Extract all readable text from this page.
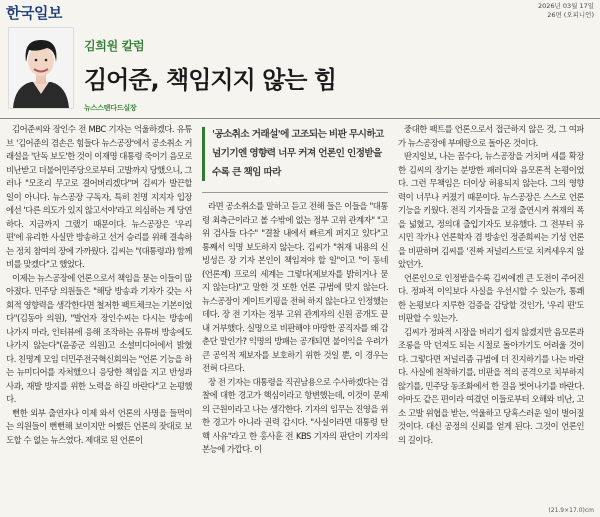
한국일보	2026년 03월 17일
26면 (오피니언)
김희원 칼럼
김어준, 책임지지 않는 힘
뉴스스탠다드실장

김어준씨와 장인수 전 MBC 기자는 억울하겠다. 유튜브 '김어준의 겸손은 힘들다 뉴스공장'에서 공소취소 거래설을 '단독 보도'한 것이 이재명 대통령 죽이기 음모로 비난받고 더불어민주당으로부터 고발까지 당했으니, 그러나 "모조리 무고로 결어버리겠다"며 김씨가 발끈할 일이 아니다. 뉴스공장 구독자, 특히 친명 지지자 입장에선 '다른 의도가 있지 않고서야'라고 의심하는 게 당연하다. 지금까지 그랬기 때문이다. 뉴스공장은 '우리 편'에 유리한 사실만 방송하고 선거 승리를 위해 결속하는 정치 참여의 장에 가까웠다. 김씨는 "(대통령과) 함께 비를 맞겠다"고 했었다.

이제는 뉴스공장에 언론으로서 책임을 묻는 이들이 많아졌다. 민주당 의원들은 "해당 방송과 기자가 갖는 사회적 영향력을 생각한다면 철저한 팩트체크는 기본이었다"(김동아 의원), "발언자 장인수씨는 다시는 방송에 나가지 마라, 인터뷰에 응해 조작하는 유튜버 방송에도 나가지 않는다"(윤종군 의원)고 소셜미디어에서 밝혔다. 친명계 모임 더민주전국혁신회의는 "언론 기능을 하는 뉴미디어를 자처했으니 응당한 책임을 지고 반성과 사과, 재발 방지를 위한 노력을 하길 바란다"고 논평했다.

뻔한 외부 출연자나 이제 와서 언론의 사명을 들먹이는 의원들이 뻔뻔해 보이지만 어쨌든 언론의 잣대로 보도할 수 없는 뉴스였다. 제대로 된 언론이

'공소취소 거래설'에 고조되는 비판 무시하고 넘기기엔 영향력 너무 커져 언론인 인정받을수록 큰 책임 따라

라면 공소취소를 말하고 듣고 전해 들은 이들을 "대통령 최측근이라고 볼 수밖에 없는 정부 고위 관계자" "고위 검사들 다수" "결찰 내에서 빠르게 퍼지고 있다"고 통째서 익명 보도하지 않는다. 김씨가 "취재 내용의 신빙성은 장 기자 본인이 책임져야 할 일"이고 "이 동네(언론계) 프로의 세계는 그렇다(제보자를 밝히거나 묻지 않는다)"고 말한 것 또한 언론 규범에 맞지 않는다. 뉴스공장이 게이트키핑을 전혀 하지 않는다고 인정했는데다. 장 전 기자는 정부 고위 관계자의 신원 공개도 끝내 거부했다. 실명으로 비판해야 마땅한 공직자를 왜 감춘단 말인가? 익명의 방패는 공개되면 불이익을 우려가 큰 공익적 제보자를 보호하기 위한 것일 뿐, 이 경우는 전혀 다르다.

장 전 기자는 대통령을 직권남용으로 수사하겠다는 검찰에 대한 경고가 핵심이라고 항변했는데, 이것이 문제의 근원이라고 나는 생각한다. 기자의 임무는 진영을 위한 경고가 아니라 권력 감시다. "사실이라면 대통령 탄핵 사유"라고 한 홍사훈 전 KBS 기자의 판단이 기자의 본능에 가깝다. 이

중대한 팩트를 언론으로서 접근하지 않은 것, 그 여파가 뉴스공장에 부메랑으로 돌아온 것이다.

딴지일보, 나는 꼼수다, 뉴스공장을 거치며 세를 확장한 김씨의 장기는 분방한 패러디와 음모론적 논평이었다. 그런 무책임은 더이상 허용되지 않는다. 그의 영향력이 너무나 커졌기 때문이다. 뉴스공장은 스스로 언론 기능을 키웠다. 전직 기자들을 고정 출연시켜 취재의 폭을 넓혔고, 정의대 출입기자도 보유했다. 그 전부터 유시민 작가나 언론학자 겸 방송인 정준희씨는 기성 언론을 비판하며 김씨를 '진짜 저널리스트'로 치켜세우지 않았던가.

언론인으로 인정받을수록 김씨에겐 큰 도전이 주어진다. 정파적 이익보다 사실을 우선시할 수 있는가, 통쾌한 논평보다 지루한 검증을 감당할 것인가, '우리 편'도 비판할 수 있는가.

김씨가 정파적 시장을 버리기 쉽지 않겠지만 음모론과 조롱을 막 던져도 되는 시절로 돌아가기도 어려울 것이다. 그렇다면 저널리즘 규범에 더 진지하기를 나는 바란다. 사실에 천착하기를, 비판을 적의 공격으로 치부하지 않기를, 민주당 동조화에서 한 걸음 벗어나기를 바란다. 아마도 같은 편이라 여겼던 이들로부터 오해와 비난, 고소 고발 위협을 받는, 억울하고 당혹스러운 일이 벌어질 것이다. 대신 공정의 신뢰를 얻게 된다. 그것이 언론인의 길이다.

(21.9×17.0)cm
